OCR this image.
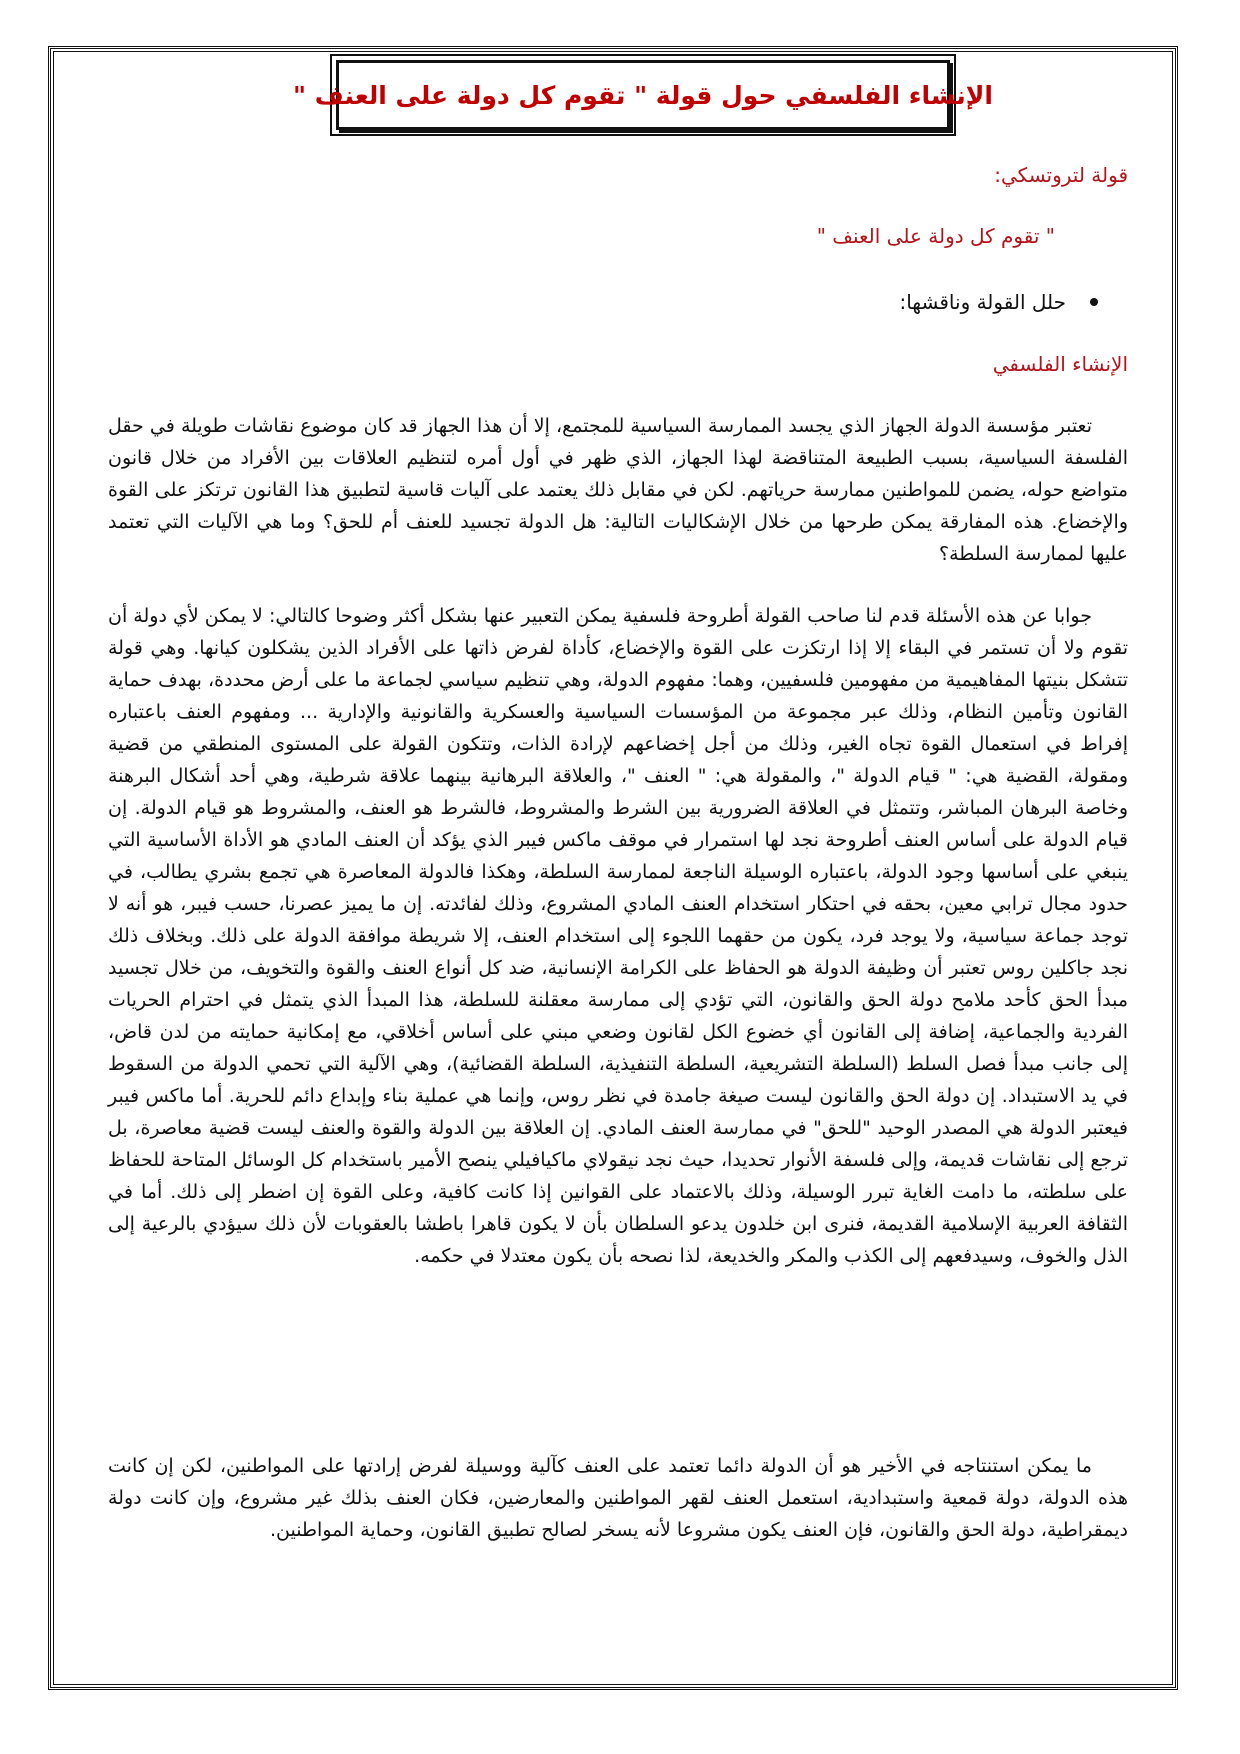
الإنشاء الفلسفي حول قولة " تقوم كل دولة على العنف "
قولة لتروتسكي:
" تقوم كل دولة على العنف "
حلل القولة وناقشها:
الإنشاء الفلسفي

تعتبر مؤسسة الدولة الجهاز الذي يجسد الممارسة السياسية للمجتمع، إلا أن هذا الجهاز قد كان موضوع نقاشات طويلة في حقل الفلسفة السياسية، بسبب الطبيعة المتناقضة لهذا الجهاز، الذي ظهر في أول أمره لتنظيم العلاقات بين الأفراد من خلال قانون متواضع حوله، يضمن للمواطنين ممارسة حرياتهم. لكن في مقابل ذلك يعتمد على آليات قاسية لتطبيق هذا القانون ترتكز على القوة والإخضاع. هذه المفارقة يمكن طرحها من خلال الإشكاليات التالية: هل الدولة تجسيد للعنف أم للحق؟ وما هي الآليات التي تعتمد عليها لممارسة السلطة؟

جوابا عن هذه الأسئلة قدم لنا صاحب القولة أطروحة فلسفية يمكن التعبير عنها بشكل أكثر وضوحا كالتالي: لا يمكن لأي دولة أن تقوم ولا أن تستمر في البقاء إلا إذا ارتكزت على القوة والإخضاع، كأداة لفرض ذاتها على الأفراد الذين يشكلون كيانها. وهي قولة تتشكل بنيتها المفاهيمية من مفهومين فلسفيين، وهما: مفهوم الدولة، وهي تنظيم سياسي لجماعة ما على أرض محددة، بهدف حماية القانون وتأمين النظام، وذلك عبر مجموعة من المؤسسات السياسية والعسكرية والقانونية والإدارية ... ومفهوم العنف باعتباره إفراط في استعمال القوة تجاه الغير، وذلك من أجل إخضاعهم لإرادة الذات، وتتكون القولة على المستوى المنطقي من قضية ومقولة، القضية هي: " قيام الدولة "، والمقولة هي: " العنف "، والعلاقة البرهانية بينهما علاقة شرطية، وهي أحد أشكال البرهنة وخاصة البرهان المباشر، وتتمثل في العلاقة الضرورية بين الشرط والمشروط، فالشرط هو العنف، والمشروط هو قيام الدولة. إن قيام الدولة على أساس العنف أطروحة نجد لها استمرار في موقف ماكس فيبر الذي يؤكد أن العنف المادي هو الأداة الأساسية التي ينبغي على أساسها وجود الدولة، باعتباره الوسيلة الناجعة لممارسة السلطة، وهكذا فالدولة المعاصرة هي تجمع بشري يطالب، في حدود مجال ترابي معين، بحقه في احتكار استخدام العنف المادي المشروع، وذلك لفائدته. إن ما يميز عصرنا، حسب فيبر، هو أنه لا توجد جماعة سياسية، ولا يوجد فرد، يكون من حقهما اللجوء إلى استخدام العنف، إلا شريطة موافقة الدولة على ذلك. وبخلاف ذلك نجد جاكلين روس تعتبر أن وظيفة الدولة هو الحفاظ على الكرامة الإنسانية، ضد كل أنواع العنف والقوة والتخويف، من خلال تجسيد مبدأ الحق كأحد ملامح دولة الحق والقانون، التي تؤدي إلى ممارسة معقلنة للسلطة، هذا المبدأ الذي يتمثل في احترام الحريات الفردية والجماعية، إضافة إلى القانون أي خضوع الكل لقانون وضعي مبني على أساس أخلاقي، مع إمكانية حمايته من لدن قاض، إلى جانب مبدأ فصل السلط (السلطة التشريعية، السلطة التنفيذية، السلطة القضائية)، وهي الآلية التي تحمي الدولة من السقوط في يد الاستبداد. إن دولة الحق والقانون ليست صيغة جامدة في نظر روس، وإنما هي عملية بناء وإبداع دائم للحرية. أما ماكس فيبر فيعتبر الدولة هي المصدر الوحيد "للحق" في ممارسة العنف المادي. إن العلاقة بين الدولة والقوة والعنف ليست قضية معاصرة، بل ترجع إلى نقاشات قديمة، وإلى فلسفة الأنوار تحديدا، حيث نجد نيقولاي ماكيافيلي ينصح الأمير باستخدام كل الوسائل المتاحة للحفاظ على سلطته، ما دامت الغاية تبرر الوسيلة، وذلك بالاعتماد على القوانين إذا كانت كافية، وعلى القوة إن اضطر إلى ذلك. أما في الثقافة العربية الإسلامية القديمة، فنرى ابن خلدون يدعو السلطان بأن لا يكون قاهرا باطشا بالعقوبات لأن ذلك سيؤدي بالرعية إلى الذل والخوف، وسيدفعهم إلى الكذب والمكر والخديعة، لذا نصحه بأن يكون معتدلا في حكمه.

ما يمكن استنتاجه في الأخير هو أن الدولة دائما تعتمد على العنف كآلية ووسيلة لفرض إرادتها على المواطنين، لكن إن كانت هذه الدولة، دولة قمعية واستبدادية، استعمل العنف لقهر المواطنين والمعارضين، فكان العنف بذلك غير مشروع، وإن كانت دولة ديمقراطية، دولة الحق والقانون، فإن العنف يكون مشروعا لأنه يسخر لصالح تطبيق القانون، وحماية المواطنين.
